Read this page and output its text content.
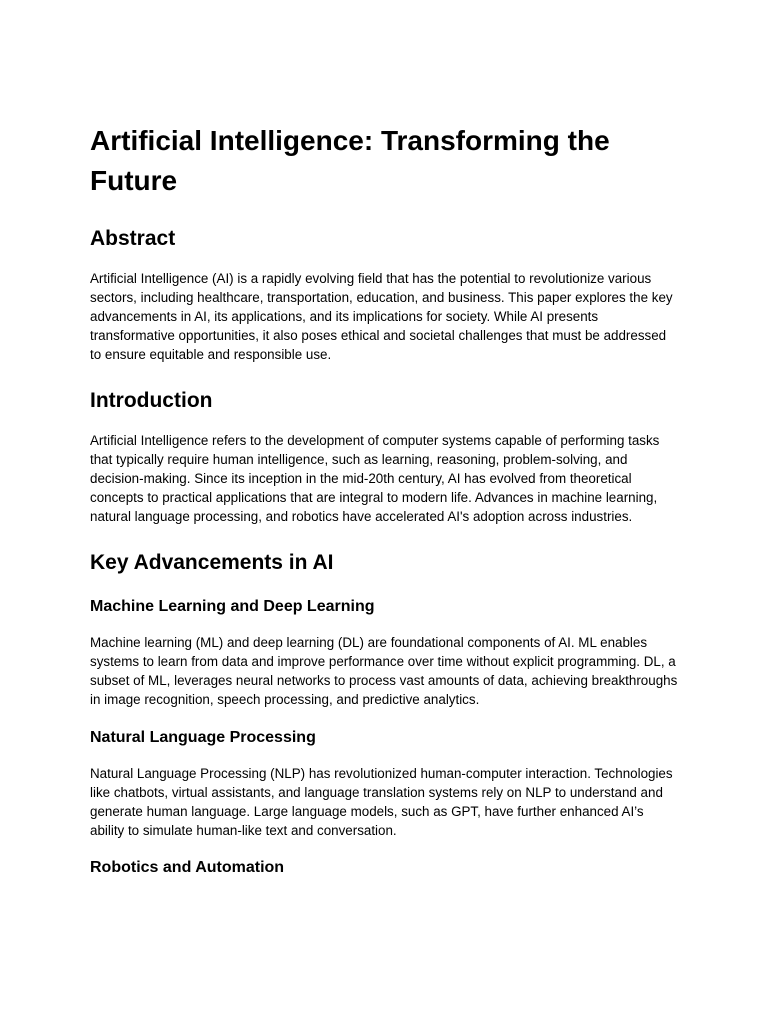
Artificial Intelligence: Transforming the Future
Abstract

Artificial Intelligence (AI) is a rapidly evolving field that has the potential to revolutionize various sectors, including healthcare, transportation, education, and business. This paper explores the key advancements in AI, its applications, and its implications for society. While AI presents transformative opportunities, it also poses ethical and societal challenges that must be addressed to ensure equitable and responsible use.

Introduction

Artificial Intelligence refers to the development of computer systems capable of performing tasks that typically require human intelligence, such as learning, reasoning, problem-solving, and decision-making. Since its inception in the mid-20th century, AI has evolved from theoretical concepts to practical applications that are integral to modern life. Advances in machine learning, natural language processing, and robotics have accelerated AI's adoption across industries.

Key Advancements in AI
Machine Learning and Deep Learning

Machine learning (ML) and deep learning (DL) are foundational components of AI. ML enables systems to learn from data and improve performance over time without explicit programming. DL, a subset of ML, leverages neural networks to process vast amounts of data, achieving breakthroughs in image recognition, speech processing, and predictive analytics.

Natural Language Processing

Natural Language Processing (NLP) has revolutionized human-computer interaction. Technologies like chatbots, virtual assistants, and language translation systems rely on NLP to understand and generate human language. Large language models, such as GPT, have further enhanced AI’s ability to simulate human-like text and conversation.

Robotics and Automation
